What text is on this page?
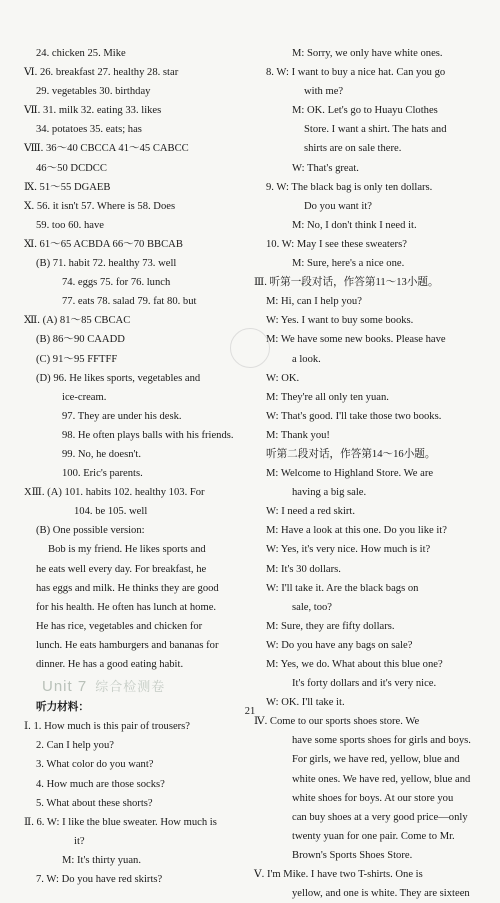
24. chicken 25. Mike
Ⅵ. 26. breakfast 27. healthy 28. star
29. vegetables 30. birthday
Ⅶ. 31. milk 32. eating 33. likes
34. potatoes 35. eats; has
Ⅷ. 36～40 CBCCA 41～45 CABCC
46～50 DCDCC
Ⅸ. 51～55 DGAEB
Ⅹ. 56. it isn't 57. Where is 58. Does
59. too 60. have
Ⅺ. 61～65 ACBDA 66～70 BBCAB
(B) 71. habit 72. healthy 73. well
74. eggs 75. for 76. lunch
77. eats 78. salad 79. fat 80. but
Ⅻ. (A) 81～85 CBCAC
(B) 86～90 CAADD
(C) 91～95 FFTFF
(D) 96. He likes sports, vegetables and
ice-cream.
97. They are under his desk.
98. He often plays balls with his friends.
99. No, he doesn't.
100. Eric's parents.
XⅢ. (A) 101. habits 102. healthy 103. For
104. be 105. well
(B) One possible version:
Bob is my friend. He likes sports and
he eats well every day. For breakfast, he
has eggs and milk. He thinks they are good
for his health. He often has lunch at home.
He has rice, vegetables and chicken for
lunch. He eats hamburgers and bananas for
dinner. He has a good eating habit.
Unit 7 综合检测卷
听力材料：
Ⅰ. 1. How much is this pair of trousers?
2. Can I help you?
3. What color do you want?
4. How much are those socks?
5. What about these shorts?
Ⅱ. 6. W: I like the blue sweater. How much is
it?
M: It's thirty yuan.
7. W: Do you have red skirts?
M: Sorry, we only have white ones.
8. W: I want to buy a nice hat. Can you go
with me?
M: OK. Let's go to Huayu Clothes
Store. I want a shirt. The hats and
shirts are on sale there.
W: That's great.
9. W: The black bag is only ten dollars.
Do you want it?
M: No, I don't think I need it.
10. W: May I see these sweaters?
M: Sure, here's a nice one.
Ⅲ. 听第一段对话，作答第11～13小题。
M: Hi, can I help you?
W: Yes. I want to buy some books.
M: We have some new books. Please have
a look.
W: OK.
M: They're all only ten yuan.
W: That's good. I'll take those two books.
M: Thank you!
听第二段对话，作答第14～16小题。
M: Welcome to Highland Store. We are
having a big sale.
W: I need a red skirt.
M: Have a look at this one. Do you like it?
W: Yes, it's very nice. How much is it?
M: It's 30 dollars.
W: I'll take it. Are the black bags on
sale, too?
M: Sure, they are fifty dollars.
W: Do you have any bags on sale?
M: Yes, we do. What about this blue one?
It's forty dollars and it's very nice.
W: OK. I'll take it.
Ⅳ. Come to our sports shoes store. We
have some sports shoes for girls and boys.
For girls, we have red, yellow, blue and
white ones. We have red, yellow, blue and
white shoes for boys. At our store you
can buy shoes at a very good price—only
twenty yuan for one pair. Come to Mr.
Brown's Sports Shoes Store.
Ⅴ. I'm Mike. I have two T-shirts. One is
yellow, and one is white. They are sixteen
21
